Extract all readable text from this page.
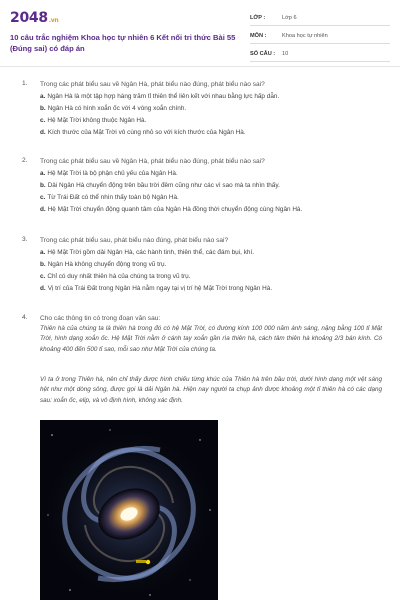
2048.vn
10 câu trắc nghiệm Khoa học tự nhiên 6 Kết nối tri thức Bài 55 (Đúng sai) có đáp án
LỚP :	Lớp 6
MÔN :	Khoa học tự nhiên
SỐ CÂU :	10
1. Trong các phát biểu sau về Ngân Hà, phát biểu nào đúng, phát biểu nào sai?
a. Ngân Hà là một tập hợp hàng trăm tỉ thiên thể liên kết với nhau bằng lực hấp dẫn.
b. Ngân Hà có hình xoắn ốc với 4 vòng xoắn chính.
c. Hệ Mặt Trời không thuộc Ngân Hà.
d. Kích thước của Mặt Trời vô cùng nhỏ so với kích thước của Ngân Hà.
2. Trong các phát biểu sau về Ngân Hà, phát biểu nào đúng, phát biểu nào sai?
a. Hệ Mặt Trời là bộ phận chủ yếu của Ngân Hà.
b. Dải Ngân Hà chuyển động trên bầu trời đêm cũng như các vì sao mà ta nhìn thấy.
c. Từ Trái Đất có thể nhìn thấy toàn bộ Ngân Hà.
d. Hệ Mặt Trời chuyển động quanh tâm của Ngân Hà đồng thời chuyển động cùng Ngân Hà.
3. Trong các phát biểu sau, phát biểu nào đúng, phát biểu nào sai?
a. Hệ Mặt Trời gồm dải Ngân Hà, các hành tinh, thiên thể, các đám bụi, khí.
b. Ngân Hà không chuyển động trong vũ trụ.
c. Chỉ có duy nhất thiên hà của chúng ta trong vũ trụ.
d. Vị trí của Trái Đất trong Ngân Hà nằm ngay tại vị trí hệ Mặt Trời trong Ngân Hà.
4. Cho các thông tin có trong đoạn văn sau:
Thiên hà của chúng ta là thiên hà trong đó có hệ Mặt Trời, có đường kính 100 000 năm ánh sáng, nặng bằng 100 tỉ Mặt Trời, hình dạng xoắn ốc. Hệ Mặt Trời nằm ở cánh tay xoắn gần rìa thiên hà, cách tâm thiên hà khoảng 2/3 bán kính. Có khoảng 400 đến 500 tỉ sao, mỗi sao như Mặt Trời của chúng ta.
Vì ta ở trong Thiên hà, nên chỉ thấy được hình chiếu từng khúc của Thiên hà trên bầu trời, dưới hình dạng một vệt sáng hệt như một dòng sông, được gọi là dải Ngân hà. Hiện nay người ta chụp ảnh được khoảng một tỉ thiên hà có các dạng sau: xoắn ốc, elip, và vô định hình, không xác định.
